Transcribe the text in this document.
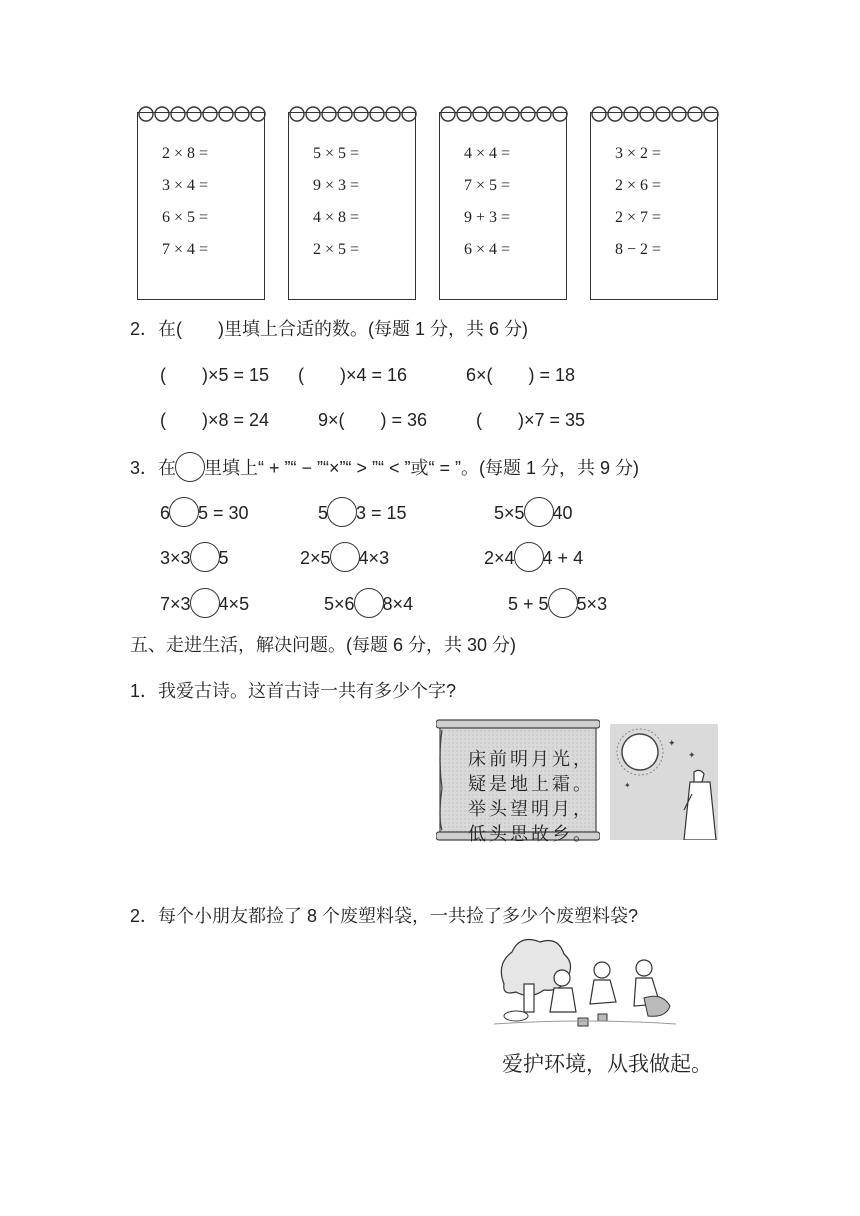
2 × 8 =
3 × 4 =
6 × 5 =
7 × 4 =
5 × 5 =
9 × 3 =
4 × 8 =
2 × 5 =
4 × 4 =
7 × 5 =
9 + 3 =
6 × 4 =
3 × 2 =
2 × 6 =
2 × 7 =
8 − 2 =
2．在(　　)里填上合适的数。(每题 1 分，共 6 分)
(　　)×5 = 15 (　　)×4 = 16	6×(　　) = 18
(　　)×8 = 24	9×(　　) = 36	(　　)×7 = 35
3．在 里填上“ + ”“ − ”“×”“ > ”“ < ”或“ = ”。(每题 1 分，共 9 分)
6 5 = 30	5 3 = 15	5×5 40
3×3 5	2×5 4×3	2×4 4 + 4
7×3 4×5	5×6 8×4	5 + 5 5×3
五、走进生活，解决问题。(每题 6 分，共 30 分)
1．我爱古诗。这首古诗一共有多少个字?
床前明月光，
疑是地上霜。
举头望明月，
低头思故乡。
✦
✦
✦
2．每个小朋友都捡了 8 个废塑料袋，一共捡了多少个废塑料袋?
爱护环境，从我做起。
